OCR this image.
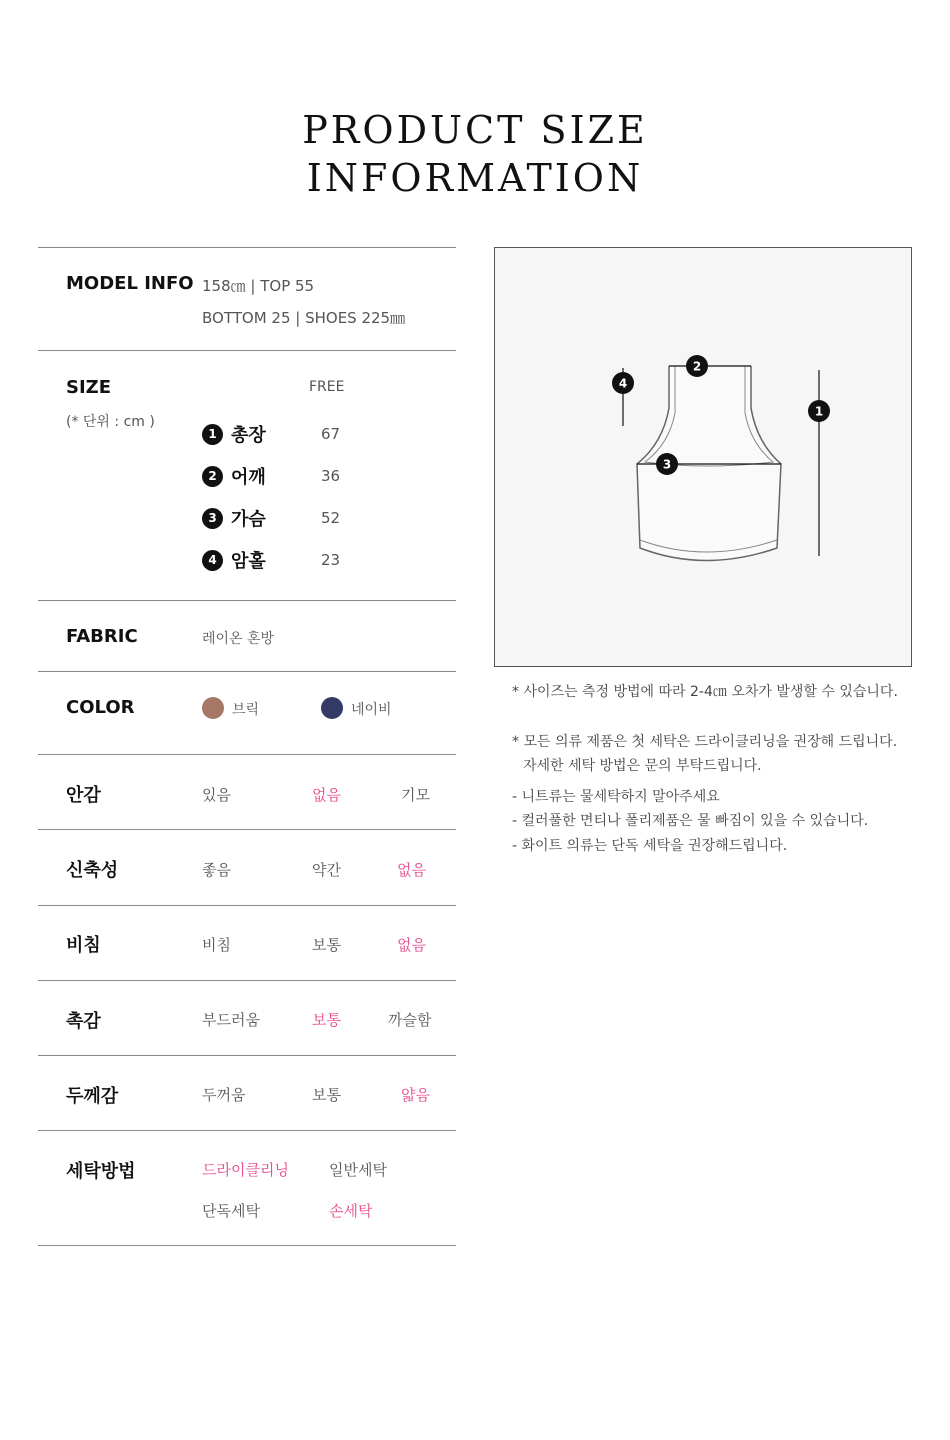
PRODUCT SIZE
INFORMATION
MODEL INFO 158㎝ | TOP 55
BOTTOM 25 | SHOES 225㎜
SIZE
(* 단위 : cm )
FREE
1 총장	67
2 어깨	36
3 가슴	52
4 암홀	23
FABRIC	레이온 혼방
COLOR	브릭	네이비
안감	있음	없음	기모
신축성	좋음	약간	없음
비침	비침	보통	없음
촉감	부드러움	보통	까슬함
두께감	두꺼움	보통	얇음
세탁방법	드라이클리닝	일반세탁
단독세탁	손세탁
1
2
3
4
* 사이즈는 측정 방법에 따라 2-4㎝ 오차가 발생할 수 있습니다.
* 모든 의류 제품은 첫 세탁은 드라이클리닝을 권장해 드립니다.
자세한 세탁 방법은 문의 부탁드립니다.
- 니트류는 물세탁하지 말아주세요
- 컬러풀한 면티나 폴리제품은 물 빠짐이 있을 수 있습니다.
- 화이트 의류는 단독 세탁을 권장해드립니다.
